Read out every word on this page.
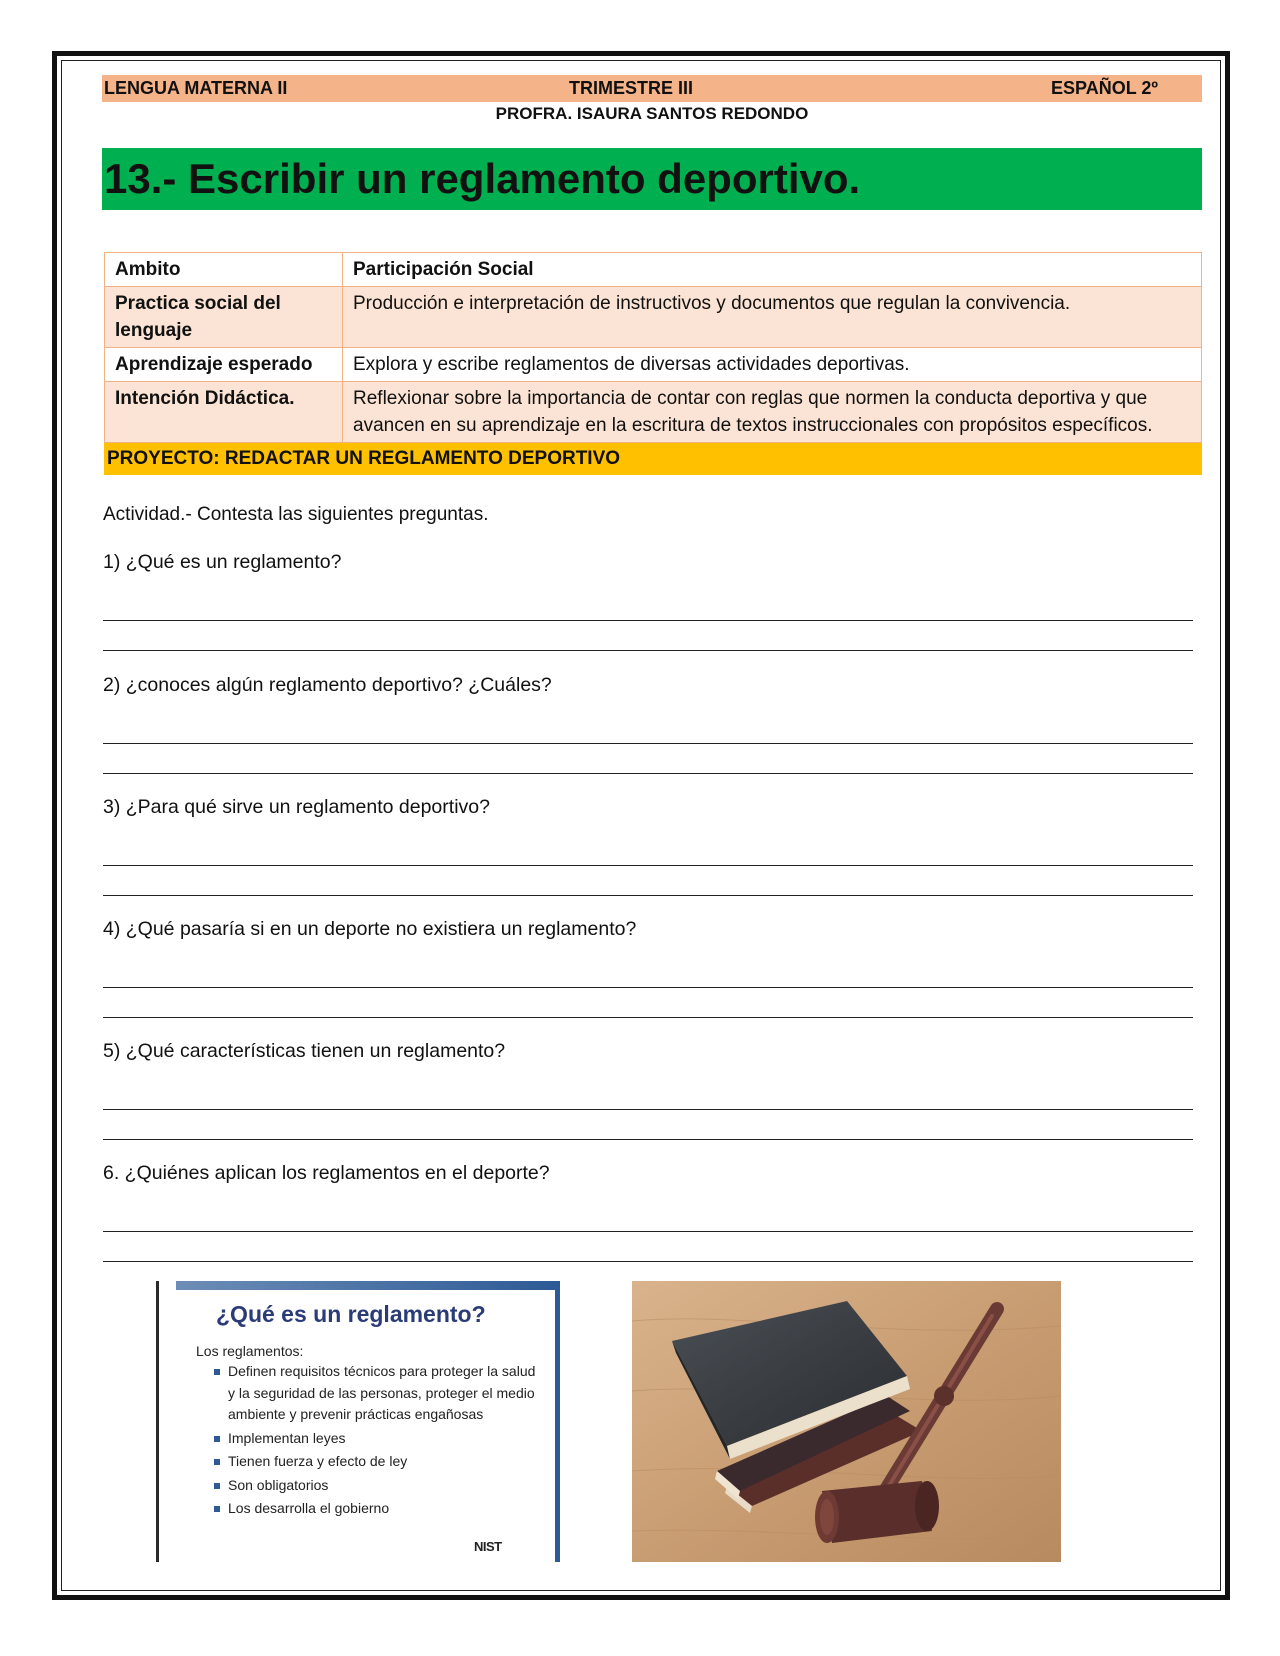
LENGUA MATERNA II	TRIMESTRE III	ESPAÑOL 2º
PROFRA. ISAURA SANTOS REDONDO
13.- Escribir un reglamento deportivo.
Ambito	Participación Social
Practica social del lenguaje	Producción e interpretación de instructivos y documentos que regulan la convivencia.
Aprendizaje esperado	Explora y escribe reglamentos de diversas actividades deportivas.
Intención Didáctica.	Reflexionar sobre la importancia de contar con reglas que normen la conducta deportiva y que avancen en su aprendizaje en la escritura de textos instruccionales con propósitos específicos.
PROYECTO: REDACTAR UN REGLAMENTO DEPORTIVO	
Actividad.- Contesta las siguientes preguntas.
1) ¿Qué es un reglamento?
2) ¿conoces algún reglamento deportivo? ¿Cuáles?
3) ¿Para qué sirve un reglamento deportivo?
4) ¿Qué pasaría si en un deporte no existiera un reglamento?
5) ¿Qué características tienen un reglamento?
6. ¿Quiénes aplican los reglamentos en el deporte?
¿Qué es un reglamento?
Los reglamentos:
Definen requisitos técnicos para proteger la salud y la seguridad de las personas, proteger el medio ambiente y prevenir prácticas engañosas
Implementan leyes
Tienen fuerza y efecto de ley
Son obligatorios
Los desarrolla el gobierno
NIST
